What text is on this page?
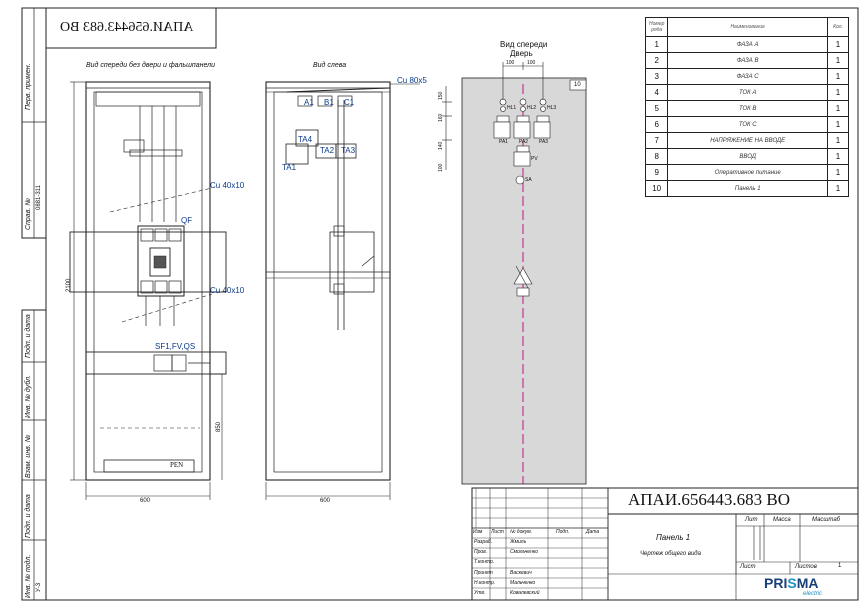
АПАИ.656443.683 ВО
Вид спереди без двери и фальшпанели	Вид слева
Вид спереди
Дверь
Cu 40x10
QF
Cu 40x10
SF1,FV,QS
PEN
Cu 80x5
A1 B1 C1
TA4
TA2 TA3
TA1
HL1 HL2 HL3
PA1 PA2 PA3
PV
SA
10
2100
600	600
850
100	100
150
160
140
100
Перв. примен.
Справ. №
0881-311
Подп. и дата
Инв. № дубл.
Взам. инв. №
Подп. и дата
Инв. № подл. У-3
Номер ряда	Наименование	Кол.
1	ФАЗА А	1
2	ФАЗА B	1
3	ФАЗА C	1
4	ТОК А	1
5	ТОК B	1
6	ТОК C	1
7	НАПРЯЖЕНИЕ НА ВВОДЕ	1
8	ВВОД	1
9	Оперативное питание	1
10	Панель 1	1
АПАИ.656443.683 ВО
Панель 1
Чертеж общего вида
Лит	Масса	Масштаб
Лист	Листов	1
Изм Лист № докум.	Подп.	Дата
Разраб.	Жмиль
Пров.	Смольченко
Т.контр.
Принят	Васкевич
Н.контр.	Мальченко
Утв.	Ковалевский
PRISMA
electric
